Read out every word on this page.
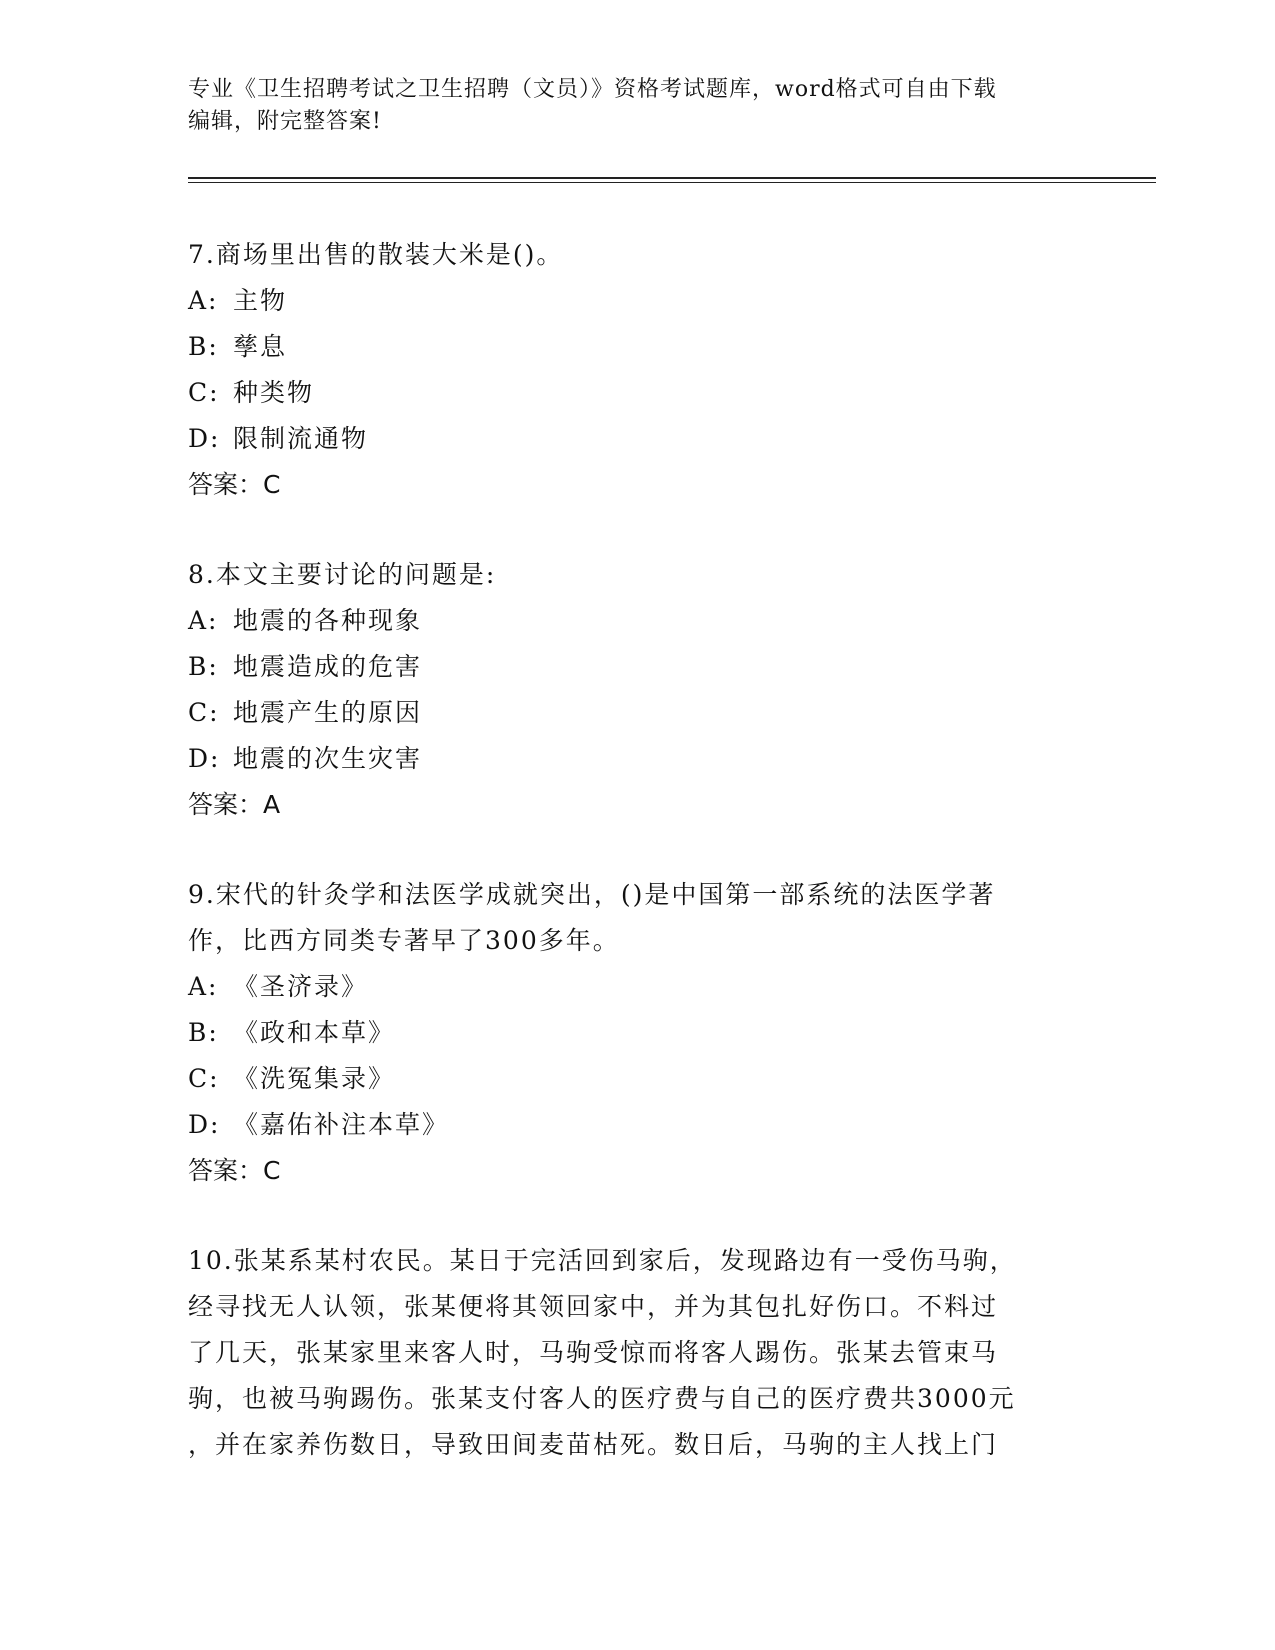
专业《卫生招聘考试之卫生招聘（文员）》资格考试题库，word格式可自由下载
编辑，附完整答案!
7.商场里出售的散装大米是()。
A: 主物
B: 孳息
C: 种类物
D: 限制流通物
答案：C
8.本文主要讨论的问题是:
A: 地震的各种现象
B: 地震造成的危害
C: 地震产生的原因
D: 地震的次生灾害
答案：A
9.宋代的针灸学和法医学成就突出，()是中国第一部系统的法医学著
作，比西方同类专著早了300多年。
A: 《圣济录》
B: 《政和本草》
C: 《洗冤集录》
D: 《嘉佑补注本草》
答案：C
10.张某系某村农民。某日于完活回到家后，发现路边有一受伤马驹，
经寻找无人认领，张某便将其领回家中，并为其包扎好伤口。不料过
了几天，张某家里来客人时，马驹受惊而将客人踢伤。张某去管束马
驹，也被马驹踢伤。张某支付客人的医疗费与自己的医疗费共3000元
，并在家养伤数日，导致田间麦苗枯死。数日后，马驹的主人找上门
